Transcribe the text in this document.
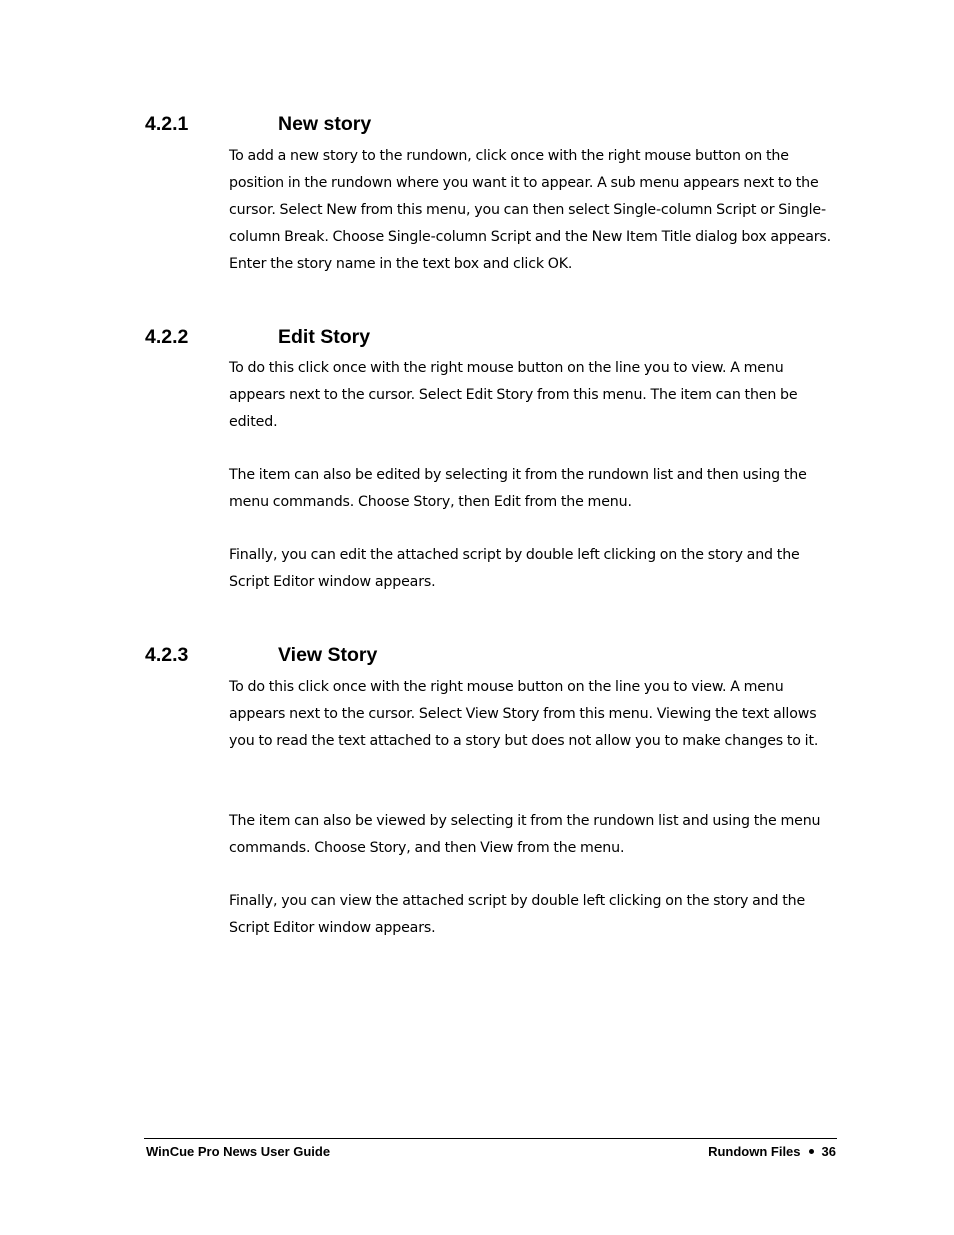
4.2.1	New story

To add a new story to the rundown, click once with the right mouse button on the position in the rundown where you want it to appear. A sub menu appears next to the cursor. Select New from this menu, you can then select Single-column Script or Single-column Break. Choose Single-column Script and the New Item Title dialog box appears. Enter the story name in the text box and click OK.

4.2.2	Edit Story

To do this click once with the right mouse button on the line you to view. A menu appears next to the cursor. Select Edit Story from this menu. The item can then be edited.

The item can also be edited by selecting it from the rundown list and then using the menu commands. Choose Story, then Edit from the menu.

Finally, you can edit the attached script by double left clicking on the story and the Script Editor window appears.

4.2.3	View Story

To do this click once with the right mouse button on the line you to view. A menu appears next to the cursor. Select View Story from this menu. Viewing the text allows you to read the text attached to a story but does not allow you to make changes to it.

The item can also be viewed by selecting it from the rundown list and using the menu commands. Choose Story, and then View from the menu.

Finally, you can view the attached script by double left clicking on the story and the Script Editor window appears.

WinCue Pro News User Guide	Rundown Files 36
